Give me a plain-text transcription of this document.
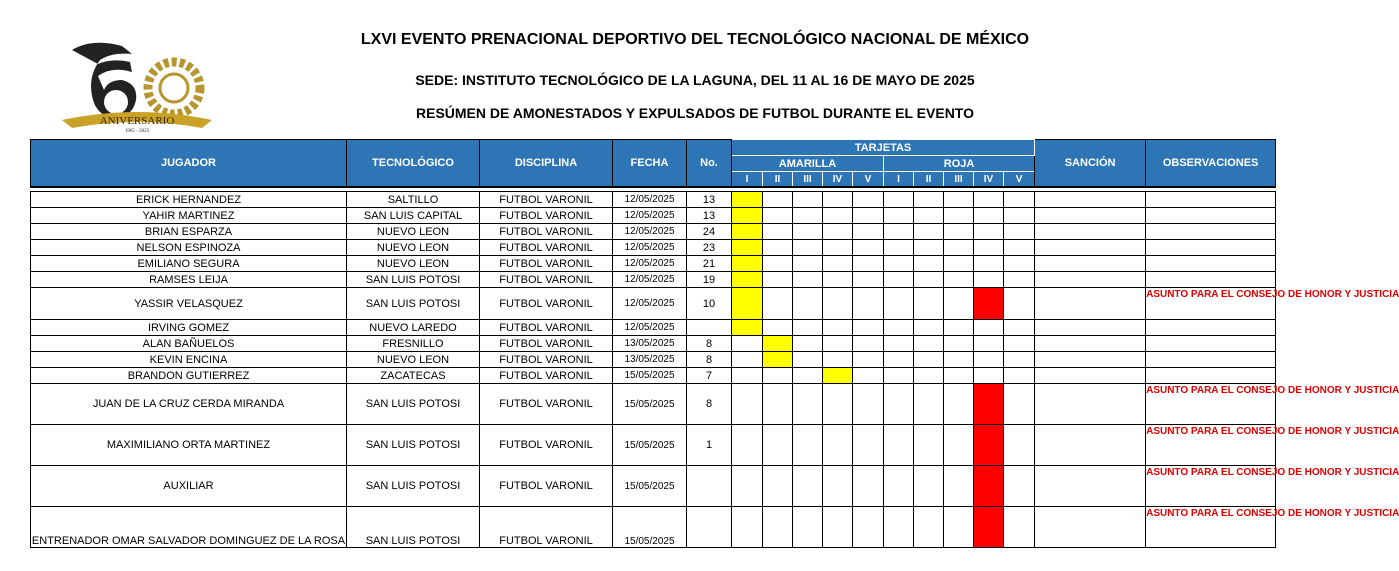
ANIVERSARIO
1965 - 2025
LXVI EVENTO PRENACIONAL DEPORTIVO DEL TECNOLÓGICO NACIONAL DE MÉXICO
SEDE: INSTITUTO TECNOLÓGICO DE LA LAGUNA, DEL 11 AL 16 DE MAYO DE 2025
RESÚMEN DE AMONESTADOS Y EXPULSADOS DE FUTBOL DURANTE EL EVENTO
JUGADOR	TECNOLÓGICO	DISCIPLINA	FECHA	No.	TARJETAS										SANCIÓN	OBSERVACIONES
					AMARILLA					ROJA						
					I	II	III	IV	V	I	II	III	IV	V		

ERICK HERNANDEZ	SALTILLO	FUTBOL VARONIL	12/05/2025	13												
YAHIR MARTINEZ	SAN LUIS CAPITAL	FUTBOL VARONIL	12/05/2025	13												
BRIAN ESPARZA	NUEVO LEON	FUTBOL VARONIL	12/05/2025	24												
NELSON ESPINOZA	NUEVO LEON	FUTBOL VARONIL	12/05/2025	23												
EMILIANO SEGURA	NUEVO LEON	FUTBOL VARONIL	12/05/2025	21												
RAMSES LEIJA	SAN LUIS POTOSI	FUTBOL VARONIL	12/05/2025	19												
YASSIR VELASQUEZ	SAN LUIS POTOSI	FUTBOL VARONIL	12/05/2025	10												ASUNTO PARA EL CONSEJO DE HONOR Y JUSTICIA
IRVING GOMEZ	NUEVO LAREDO	FUTBOL VARONIL	12/05/2025													
ALAN BAÑUELOS	FRESNILLO	FUTBOL VARONIL	13/05/2025	8												
KEVIN ENCINA	NUEVO LEON	FUTBOL VARONIL	13/05/2025	8												
BRANDON GUTIERREZ	ZACATECAS	FUTBOL VARONIL	15/05/2025	7												
JUAN DE LA CRUZ CERDA MIRANDA	SAN LUIS POTOSI	FUTBOL VARONIL	15/05/2025	8												ASUNTO PARA EL CONSEJO DE HONOR Y JUSTICIA
MAXIMILIANO ORTA MARTINEZ	SAN LUIS POTOSI	FUTBOL VARONIL	15/05/2025	1												ASUNTO PARA EL CONSEJO DE HONOR Y JUSTICIA
AUXILIAR	SAN LUIS POTOSI	FUTBOL VARONIL	15/05/2025													ASUNTO PARA EL CONSEJO DE HONOR Y JUSTICIA
ENTRENADOR OMAR SALVADOR DOMINGUEZ DE LA ROSA	SAN LUIS POTOSI	FUTBOL VARONIL	15/05/2025													ASUNTO PARA EL CONSEJO DE HONOR Y JUSTICIA
